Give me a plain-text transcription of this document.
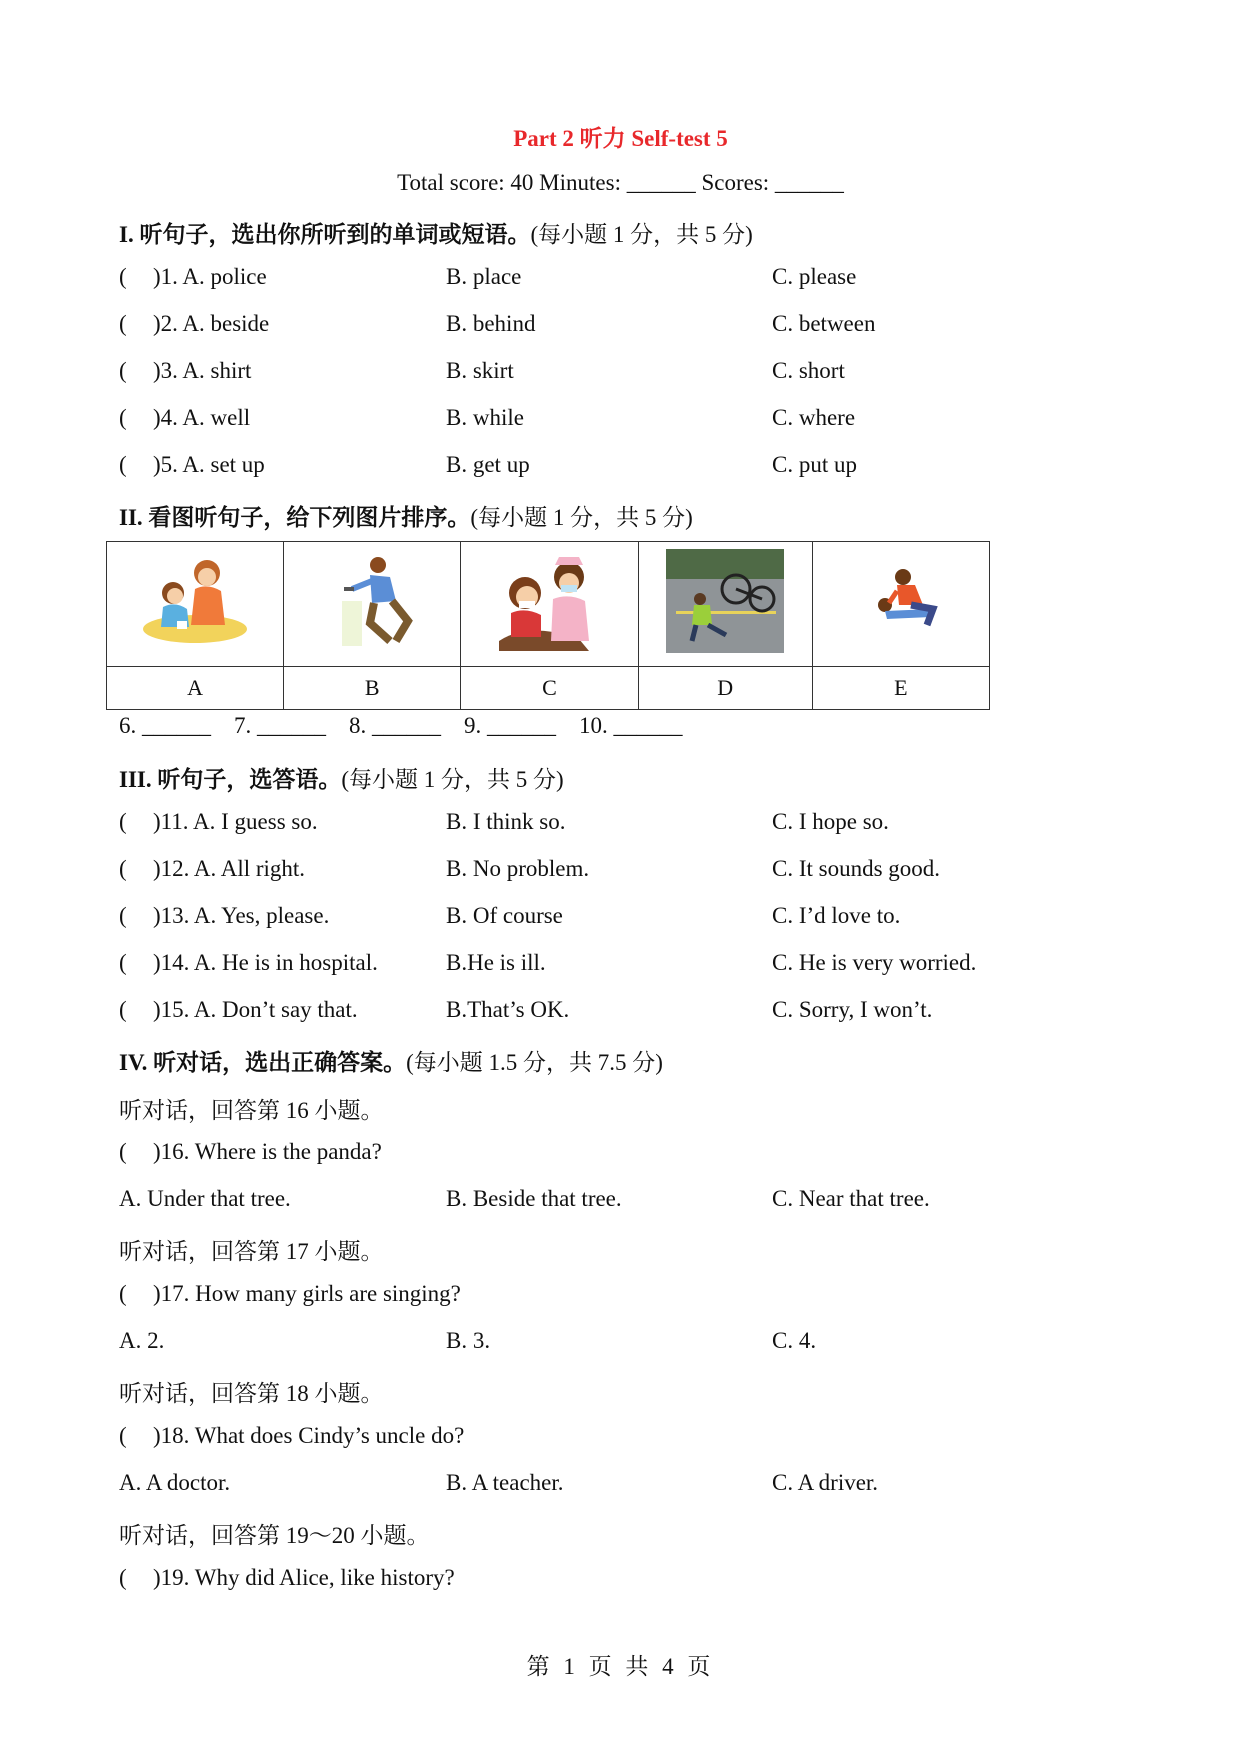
Part 2 听力 Self-test 5
Total score: 40 Minutes: ______ Scores: ______
I. 听句子，选出你所听到的单词或短语。(每小题 1 分，共 5 分)
( )1. A. police	B. place	C. please
( )2. A. beside	B. behind	C. between
( )3. A. shirt	B. skirt	C. short
( )4. A. well	B. while	C. where
( )5. A. set up	B. get up	C. put up
II. 看图听句子，给下列图片排序。(每小题 1 分，共 5 分)

A	B	C	D	E
6. ______    7. ______    8. ______    9. ______    10. ______
III. 听句子，选答语。(每小题 1 分，共 5 分)
( )11. A. I guess so.	B. I think so.	C. I hope so.
( )12. A. All right.	B. No problem.	C. It sounds good.
( )13. A. Yes, please.	B. Of course	C. I’d love to.
( )14. A. He is in hospital.	B.He is ill.	C. He is very worried.
( )15. A. Don’t say that.	B.That’s OK.	C. Sorry, I won’t.
IV. 听对话，选出正确答案。(每小题 1.5 分，共 7.5 分)
听对话，回答第 16 小题。
( )16. Where is the panda?
A. Under that tree.	B. Beside that tree.	C. Near that tree.
听对话，回答第 17 小题。
( )17. How many girls are singing?
A. 2.	B. 3.	C. 4.
听对话，回答第 18 小题。
( )18. What does Cindy’s uncle do?
A. A doctor.	B. A teacher.	C. A driver.
听对话，回答第 19～20 小题。
( )19. Why did Alice, like history?
第 1 页 共 4 页
